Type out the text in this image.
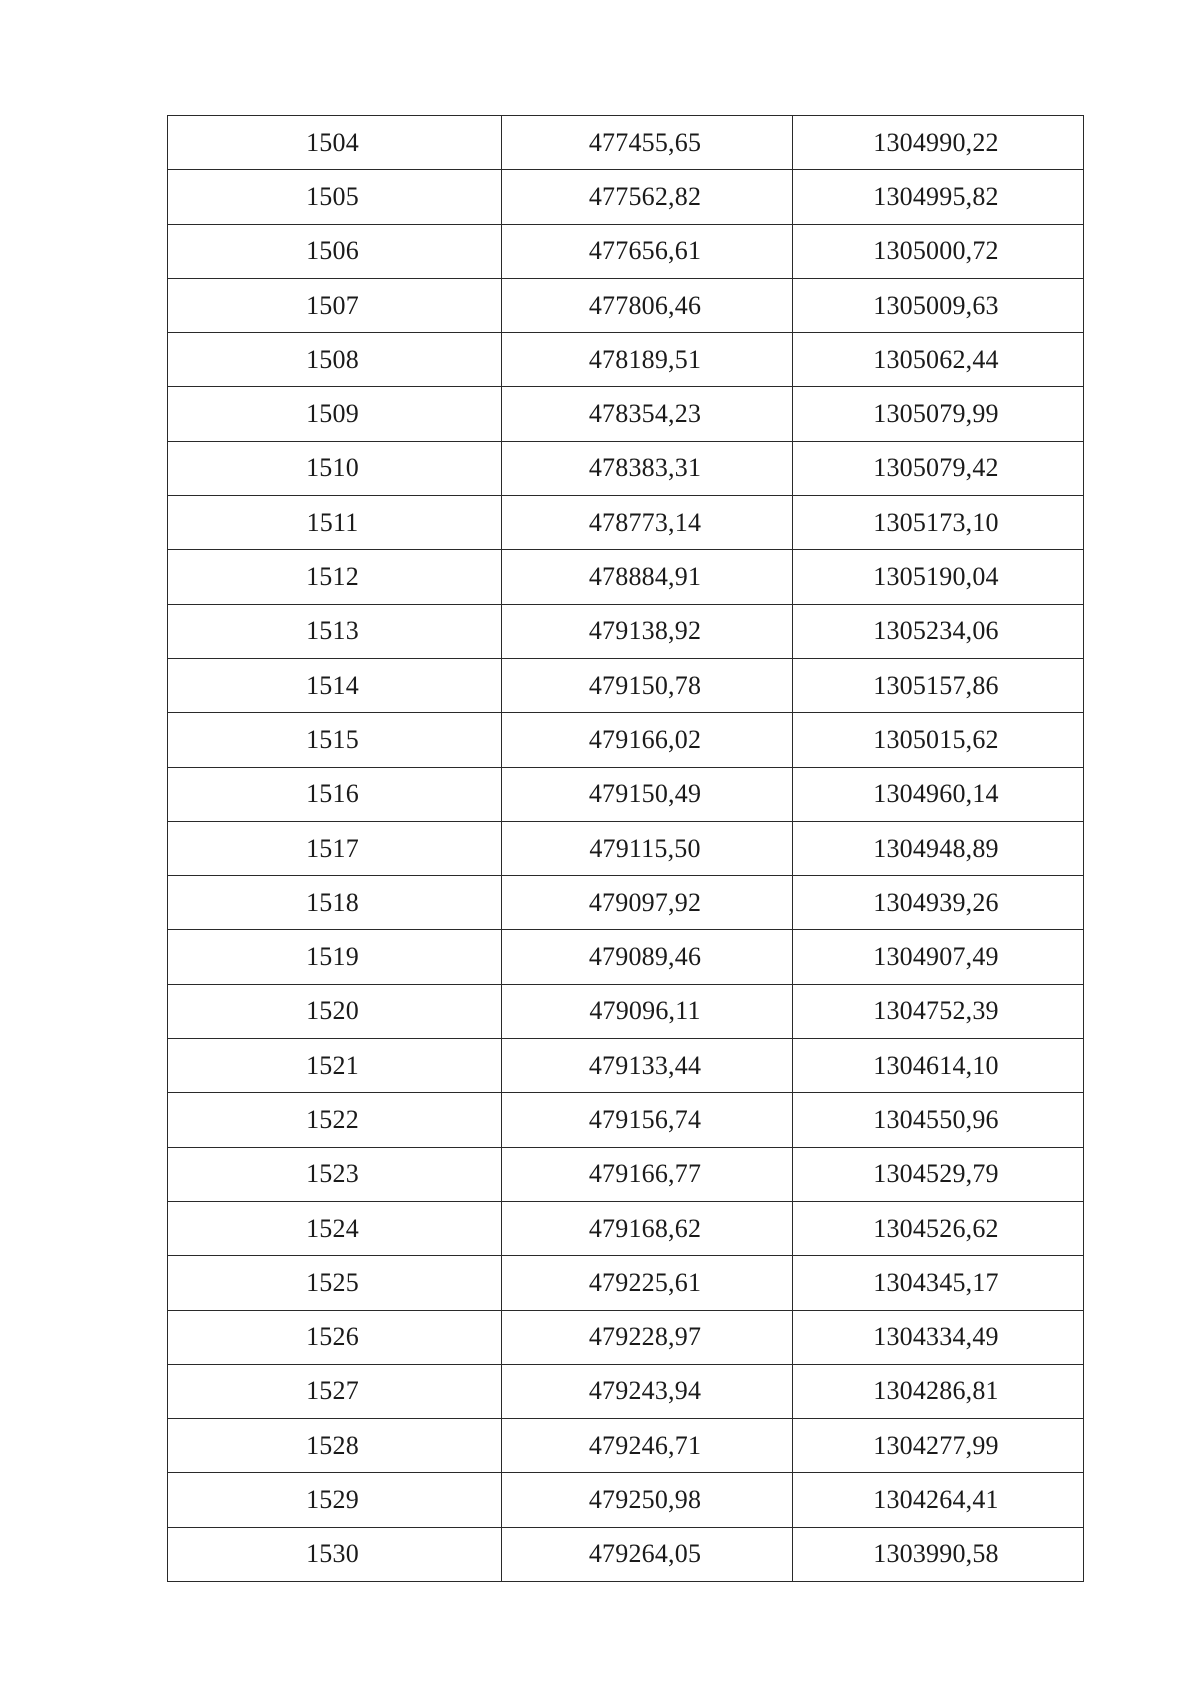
1504	477455,65	1304990,22
1505	477562,82	1304995,82
1506	477656,61	1305000,72
1507	477806,46	1305009,63
1508	478189,51	1305062,44
1509	478354,23	1305079,99
1510	478383,31	1305079,42
1511	478773,14	1305173,10
1512	478884,91	1305190,04
1513	479138,92	1305234,06
1514	479150,78	1305157,86
1515	479166,02	1305015,62
1516	479150,49	1304960,14
1517	479115,50	1304948,89
1518	479097,92	1304939,26
1519	479089,46	1304907,49
1520	479096,11	1304752,39
1521	479133,44	1304614,10
1522	479156,74	1304550,96
1523	479166,77	1304529,79
1524	479168,62	1304526,62
1525	479225,61	1304345,17
1526	479228,97	1304334,49
1527	479243,94	1304286,81
1528	479246,71	1304277,99
1529	479250,98	1304264,41
1530	479264,05	1303990,58
